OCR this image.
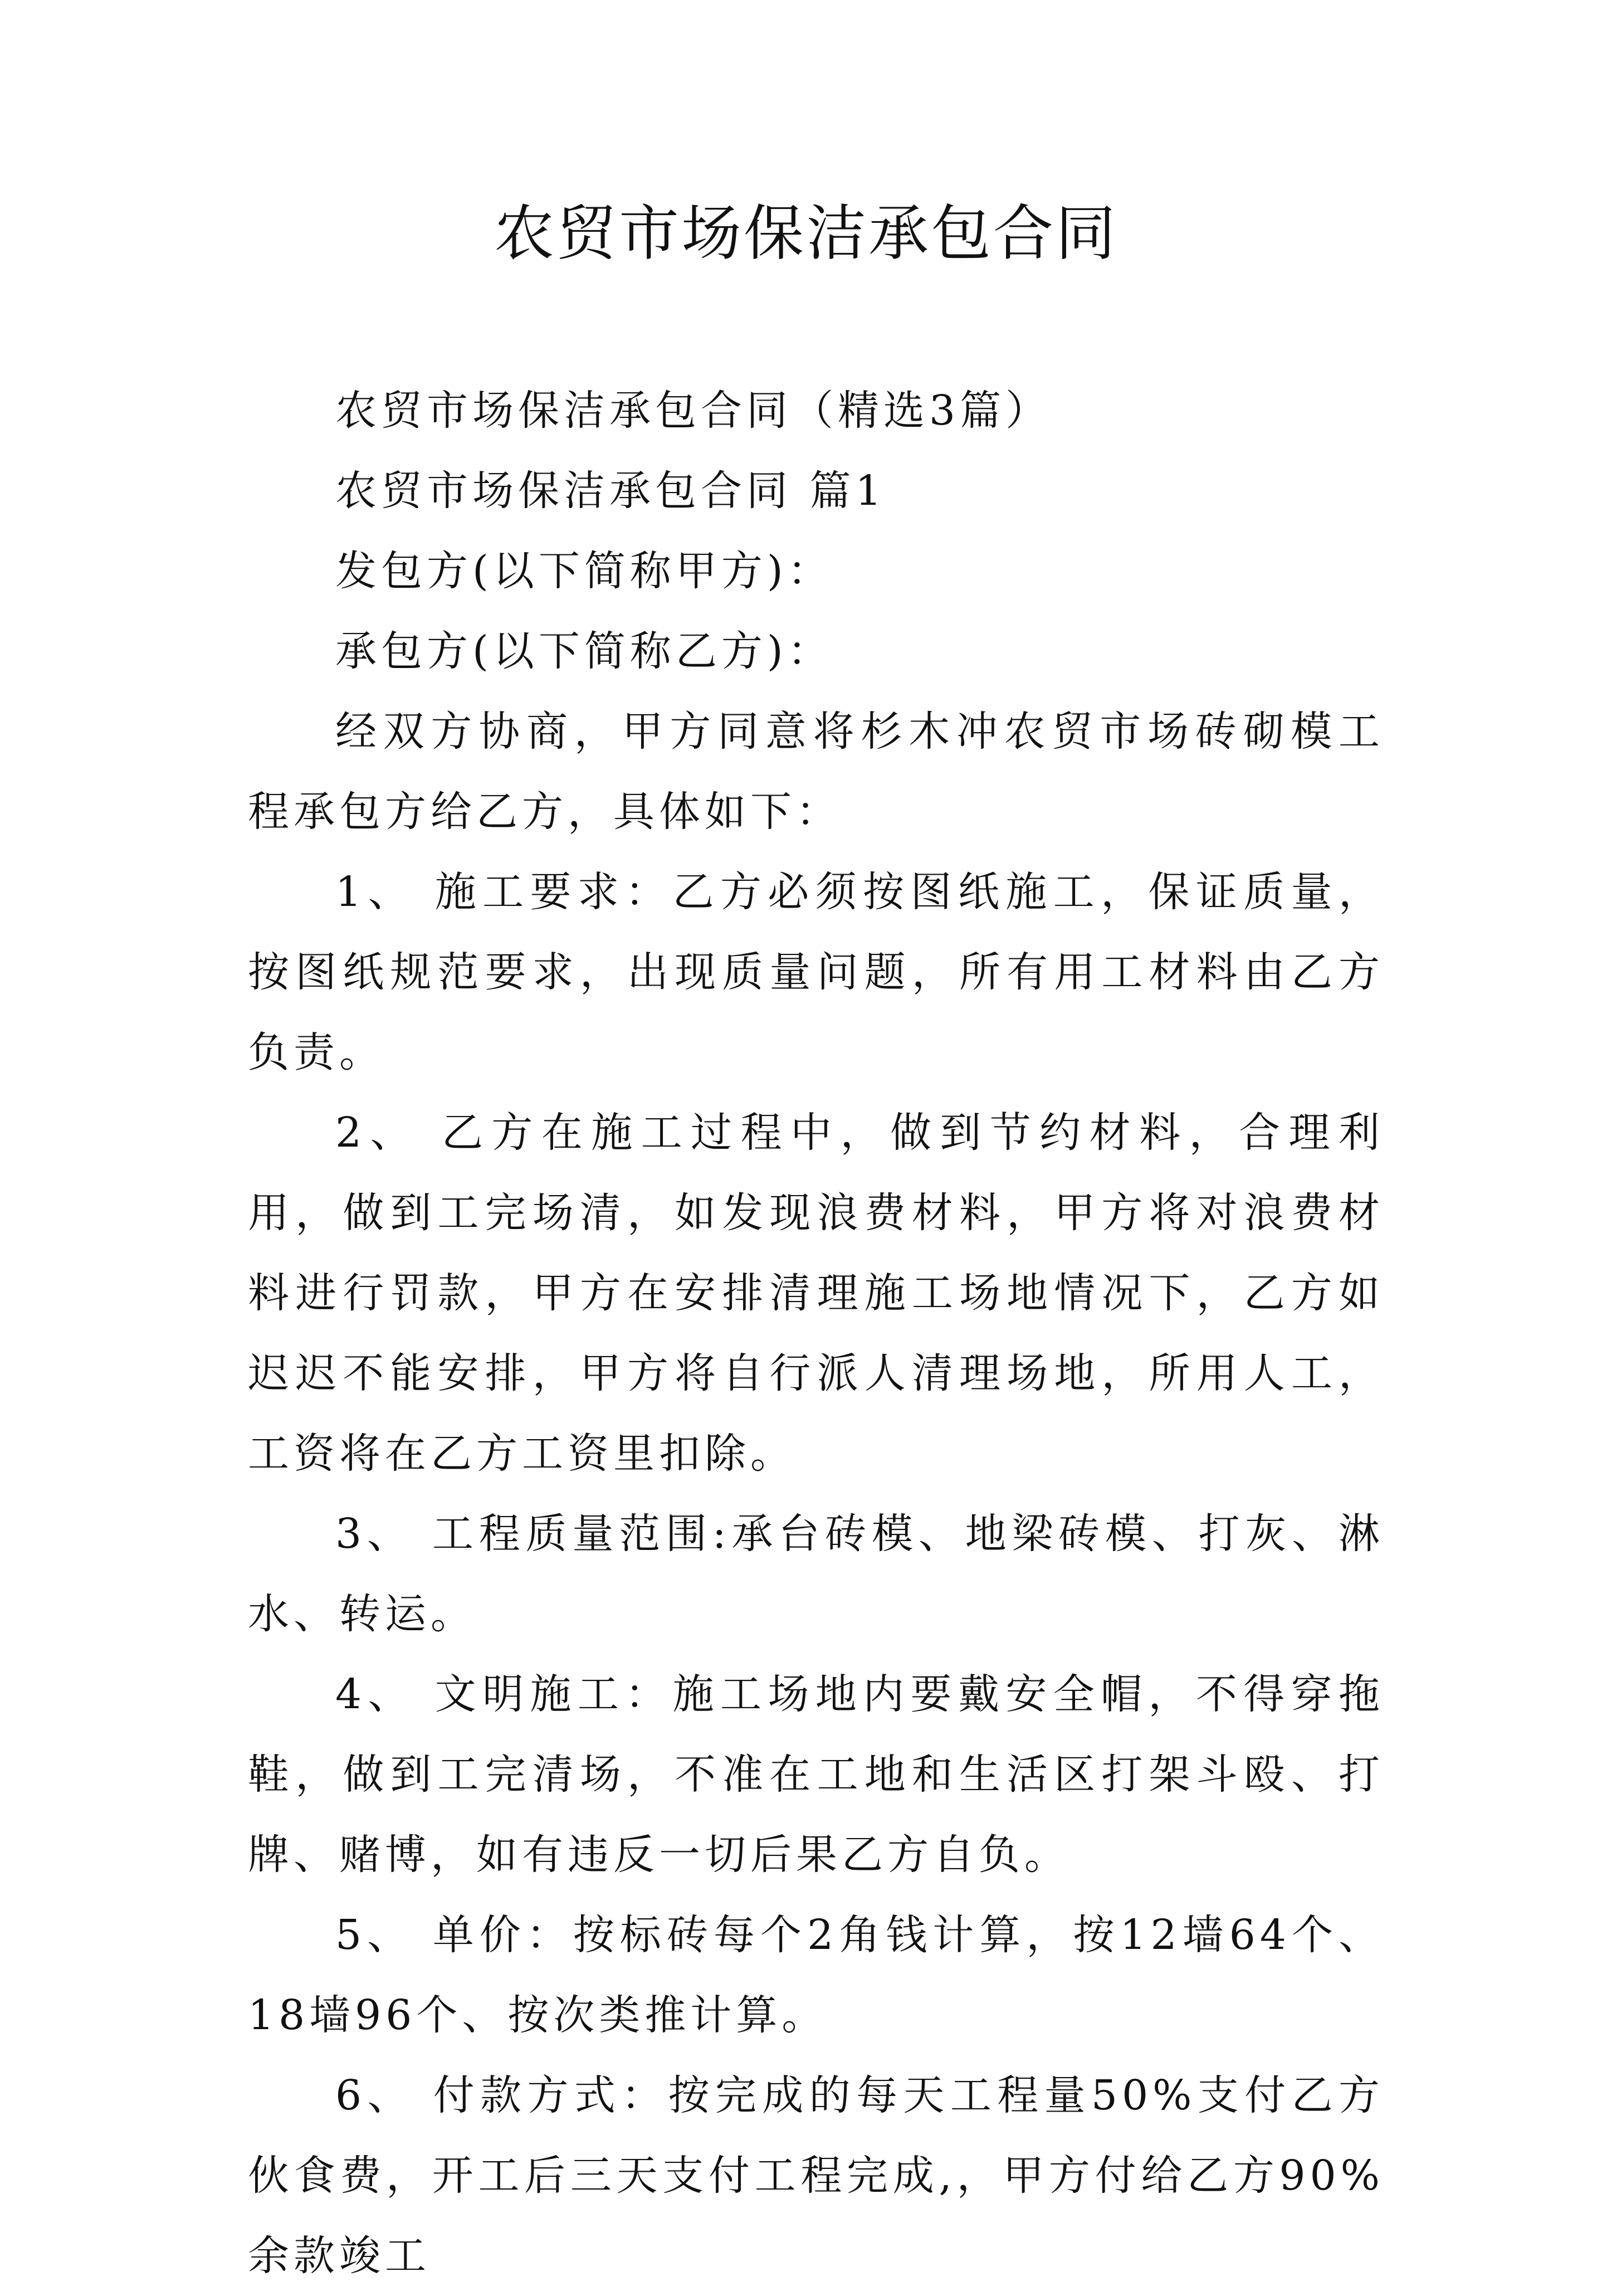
农贸市场保洁承包合同

农贸市场保洁承包合同（精选3篇）

农贸市场保洁承包合同 篇1

发包方(以下简称甲方)：

承包方(以下简称乙方)：

经双方协商，甲方同意将杉木冲农贸市场砖砌模工程承包方给乙方，具体如下：

1、 施工要求：乙方必须按图纸施工，保证质量，按图纸规范要求，出现质量问题，所有用工材料由乙方负责。

2、 乙方在施工过程中，做到节约材料，合理利用，做到工完场清，如发现浪费材料，甲方将对浪费材料进行罚款，甲方在安排清理施工场地情况下，乙方如迟迟不能安排，甲方将自行派人清理场地，所用人工，工资将在乙方工资里扣除。

3、 工程质量范围:承台砖模、地梁砖模、打灰、淋水、转运。

4、 文明施工：施工场地内要戴安全帽，不得穿拖鞋，做到工完清场，不准在工地和生活区打架斗殴、打牌、赌博，如有违反一切后果乙方自负。

5、 单价：按标砖每个2角钱计算，按12墙64个、18墙96个、按次类推计算。

6、 付款方式：按完成的每天工程量50%支付乙方伙食费，开工后三天支付工程完成,，甲方付给乙方90%余款竣工
